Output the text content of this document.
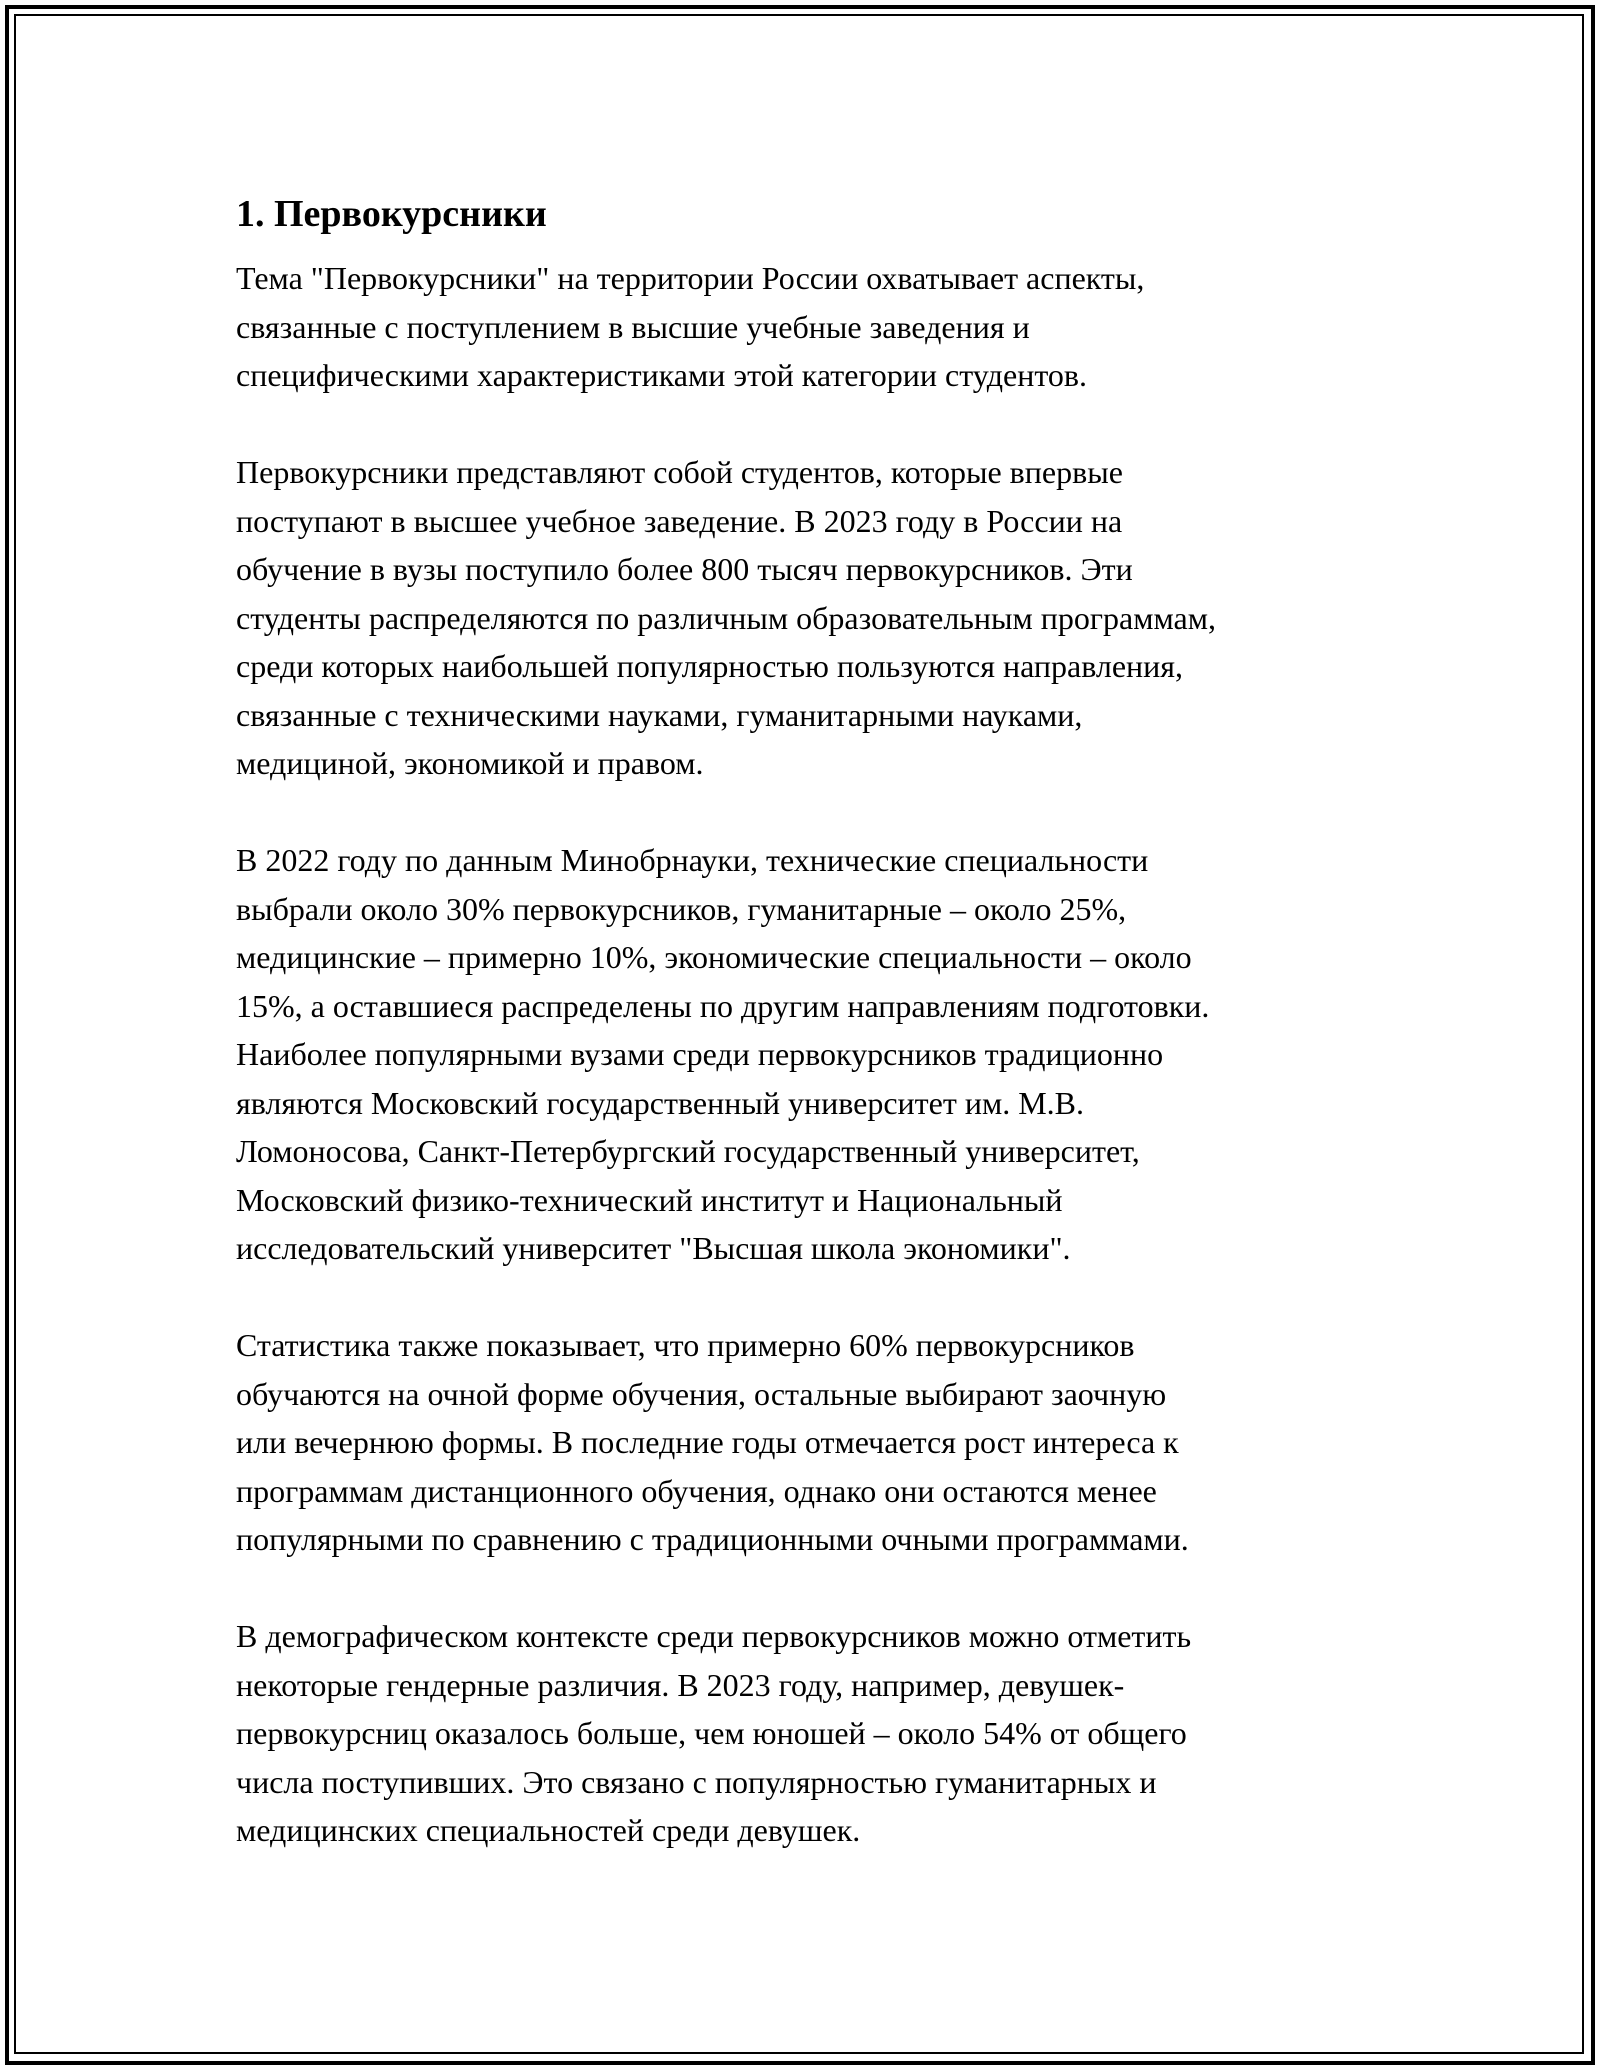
1. Первокурсники

Тема "Первокурсники" на территории России охватывает аспекты,
связанные с поступлением в высшие учебные заведения и
специфическими характеристиками этой категории студентов.

Первокурсники представляют собой студентов, которые впервые
поступают в высшее учебное заведение. В 2023 году в России на
обучение в вузы поступило более 800 тысяч первокурсников. Эти
студенты распределяются по различным образовательным программам,
среди которых наибольшей популярностью пользуются направления,
связанные с техническими науками, гуманитарными науками,
медициной, экономикой и правом.

В 2022 году по данным Минобрнауки, технические специальности
выбрали около 30% первокурсников, гуманитарные – около 25%,
медицинские – примерно 10%, экономические специальности – около
15%, а оставшиеся распределены по другим направлениям подготовки.
Наиболее популярными вузами среди первокурсников традиционно
являются Московский государственный университет им. М.В.
Ломоносова, Санкт-Петербургский государственный университет,
Московский физико-технический институт и Национальный
исследовательский университет "Высшая школа экономики".

Статистика также показывает, что примерно 60% первокурсников
обучаются на очной форме обучения, остальные выбирают заочную
или вечернюю формы. В последние годы отмечается рост интереса к
программам дистанционного обучения, однако они остаются менее
популярными по сравнению с традиционными очными программами.

В демографическом контексте среди первокурсников можно отметить
некоторые гендерные различия. В 2023 году, например, девушек-
первокурсниц оказалось больше, чем юношей – около 54% от общего
числа поступивших. Это связано с популярностью гуманитарных и
медицинских специальностей среди девушек.
